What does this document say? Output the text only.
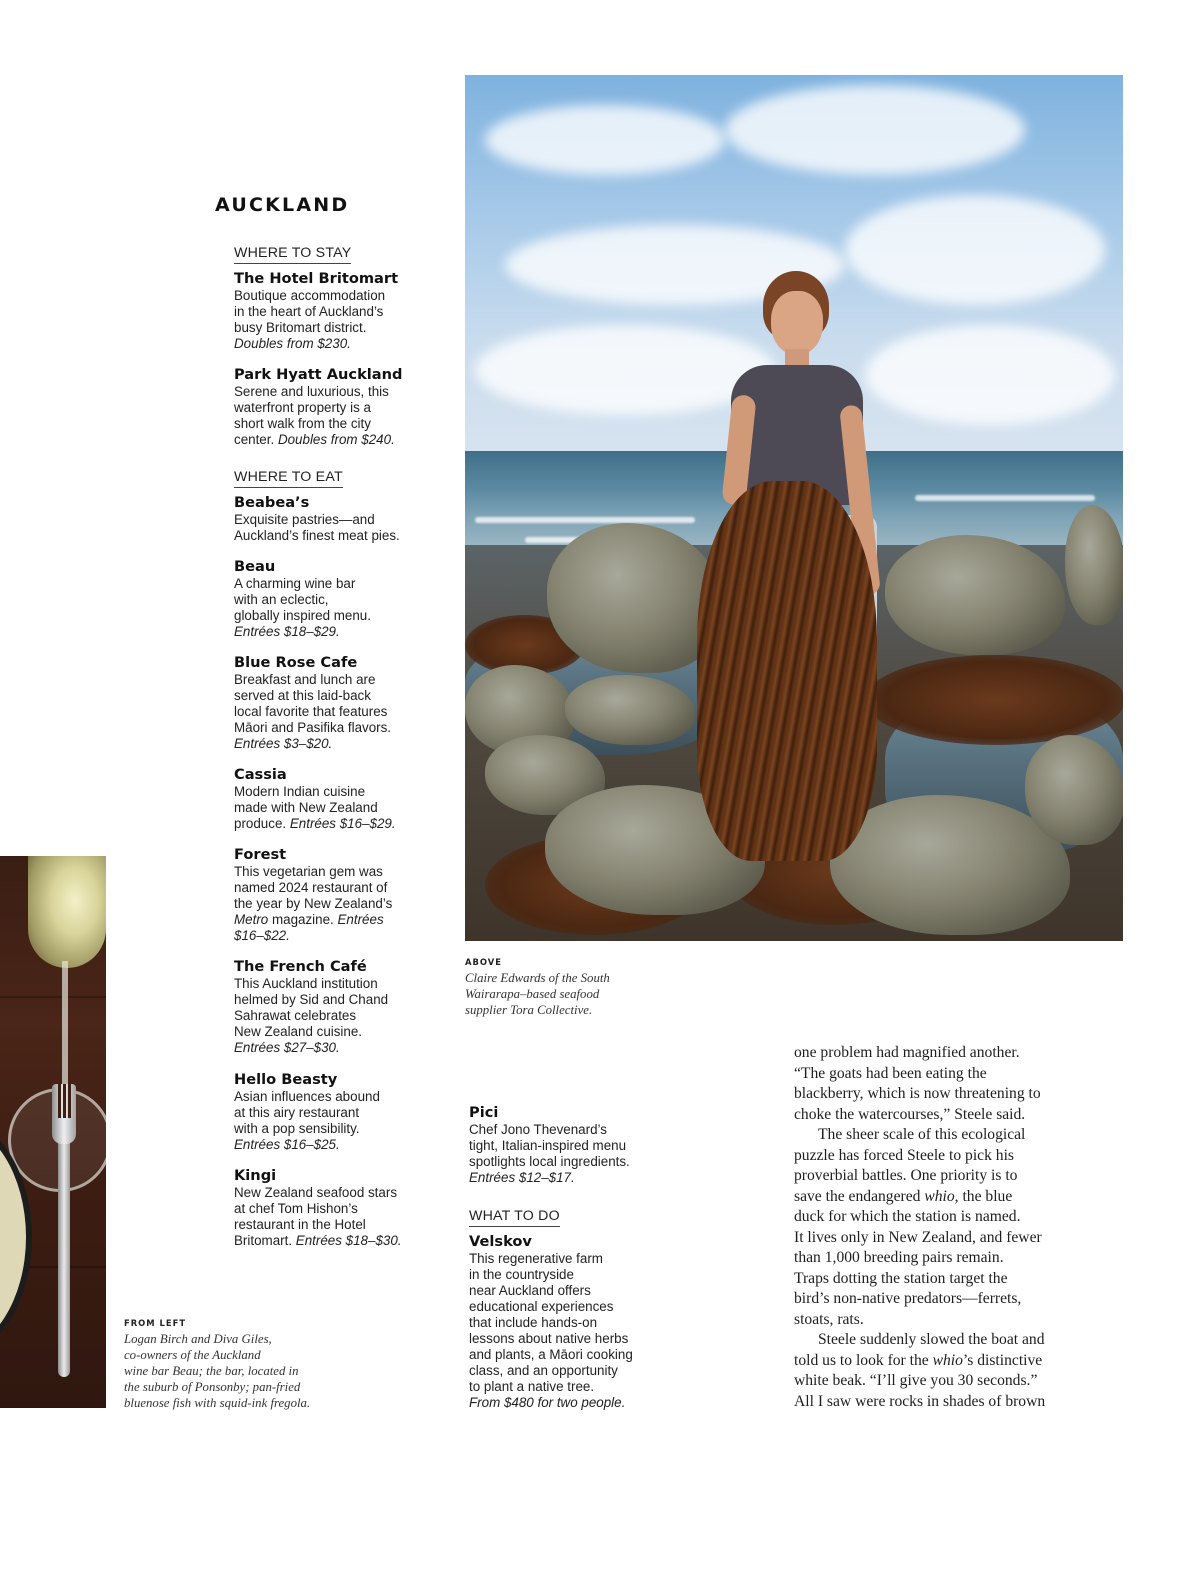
AUCKLAND
WHERE TO STAY
The Hotel Britomart
Boutique accommodation
in the heart of Auckland’s
busy Britomart district.
Doubles from $230.
Park Hyatt Auckland
Serene and luxurious, this
waterfront property is a
short walk from the city
center. Doubles from $240.
WHERE TO EAT
Beabea’s
Exquisite pastries—and
Auckland’s finest meat pies.
Beau
A charming wine bar
with an eclectic,
globally inspired menu.
Entrées $18–$29.
Blue Rose Cafe
Breakfast and lunch are
served at this laid-back
local favorite that features
Māori and Pasifika flavors.
Entrées $3–$20.
Cassia
Modern Indian cuisine
made with New Zealand
produce. Entrées $16–$29.
Forest
This vegetarian gem was
named 2024 restaurant of
the year by New Zealand’s
Metro magazine. Entrées
$16–$22.
The French Café
This Auckland institution
helmed by Sid and Chand
Sahrawat celebrates
New Zealand cuisine.
Entrées $27–$30.
Hello Beasty
Asian influences abound
at this airy restaurant
with a pop sensibility.
Entrées $16–$25.
Kingi
New Zealand seafood stars
at chef Tom Hishon’s
restaurant in the Hotel
Britomart. Entrées $18–$30.
Pici
Chef Jono Thevenard’s
tight, Italian-inspired menu
spotlights local ingredients.
Entrées $12–$17.
WHAT TO DO
Velskov
This regenerative farm
in the countryside
near Auckland offers
educational experiences
that include hands-on
lessons about native herbs
and plants, a Māori cooking
class, and an opportunity
to plant a native tree.
From $480 for two people.
ABOVE
Claire Edwards of the South
Wairarapa–based seafood
supplier Tora Collective.
FROM LEFT
Logan Birch and Diva Giles,
co-owners of the Auckland
wine bar Beau; the bar, located in
the suburb of Ponsonby; pan-fried
bluenose fish with squid-ink fregola.

one problem had magnified another.
“The goats had been eating the
blackberry, which is now threatening to
choke the watercourses,” Steele said.

The sheer scale of this ecological
puzzle has forced Steele to pick his
proverbial battles. One priority is to
save the endangered whio, the blue
duck for which the station is named.
It lives only in New Zealand, and fewer
than 1,000 breeding pairs remain.
Traps dotting the station target the
bird’s non-native predators—ferrets,
stoats, rats.

Steele suddenly slowed the boat and
told us to look for the whio’s distinctive
white beak. “I’ll give you 30 seconds.”
All I saw were rocks in shades of brown
